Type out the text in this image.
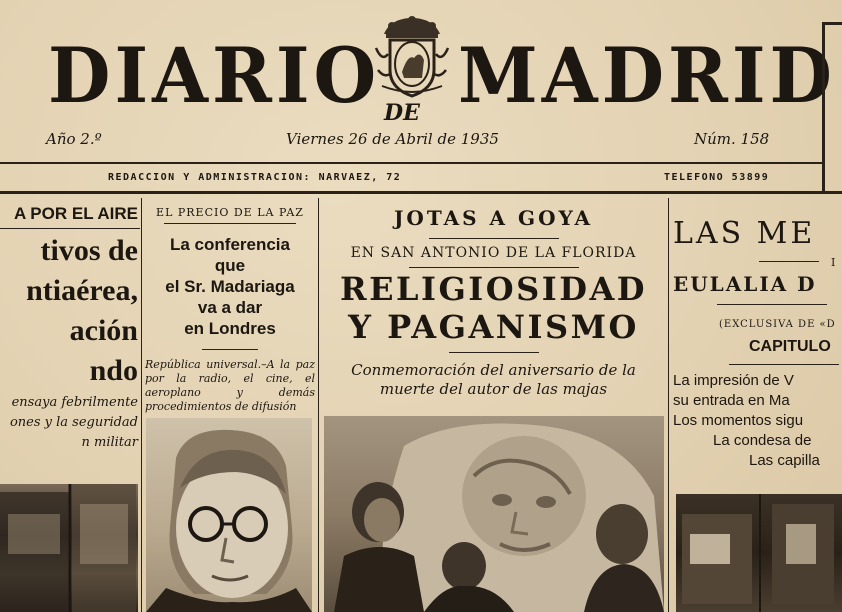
DIARIO MADRID
DE
Año 2.º	Viernes 26 de Abril de 1935	Núm. 158
REDACCION Y ADMINISTRACION: NARVAEZ, 72	TELEFONO 53899
A POR EL AIRE
tivos de
ntiaérea,
ación
ndo
ensaya febrilmente
ones y la seguridad
n militar
EL PRECIO DE LA PAZ
La conferencia
que
el Sr. Madariaga
va a dar
en Londres
República universal.–A la paz por la radio, el cine, el aeroplano y demás procedimientos de difusión
JOTAS A GOYA
EN SAN ANTONIO DE LA FLORIDA
RELIGIOSIDAD
Y PAGANISMO
Conmemoración del aniversario de la
muerte del autor de las majas
LAS ME
I
EULALIA D
(EXCLUSIVA DE «D
CAPITULO
La impresión de V
su entrada en Ma
Los momentos sigu
La condesa de
Las capilla
